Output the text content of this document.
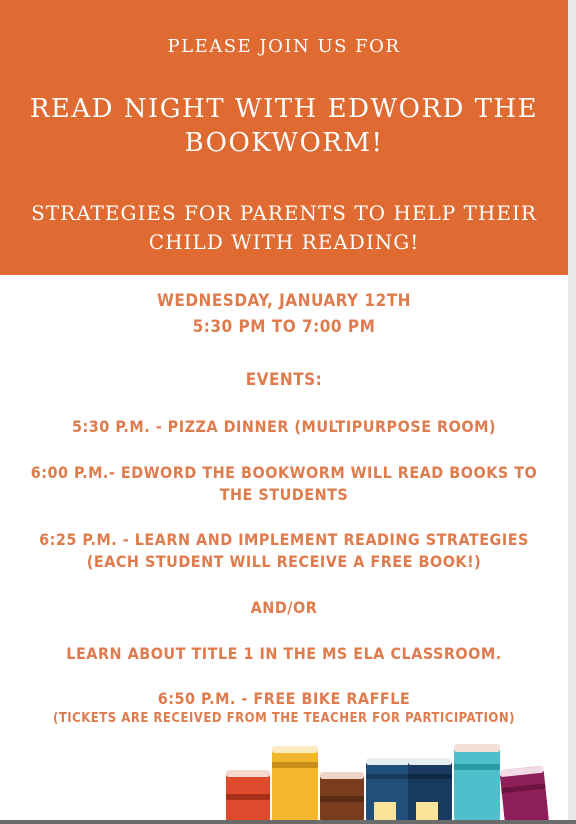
PLEASE JOIN US FOR
READ NIGHT WITH EDWORD THE BOOKWORM!
STRATEGIES FOR PARENTS TO HELP THEIR CHILD WITH READING!
WEDNESDAY, JANUARY 12TH
5:30 PM TO 7:00 PM
EVENTS:
5:30 P.M. - PIZZA DINNER (MULTIPURPOSE ROOM)
6:00 P.M.- EDWORD THE BOOKWORM WILL READ BOOKS TO THE STUDENTS
6:25 P.M. - LEARN AND IMPLEMENT READING STRATEGIES (EACH STUDENT WILL RECEIVE A FREE BOOK!)
AND/OR
LEARN ABOUT TITLE 1 IN THE MS ELA CLASSROOM.
6:50 P.M. - FREE BIKE RAFFLE
(TICKETS ARE RECEIVED FROM THE TEACHER FOR PARTICIPATION)
